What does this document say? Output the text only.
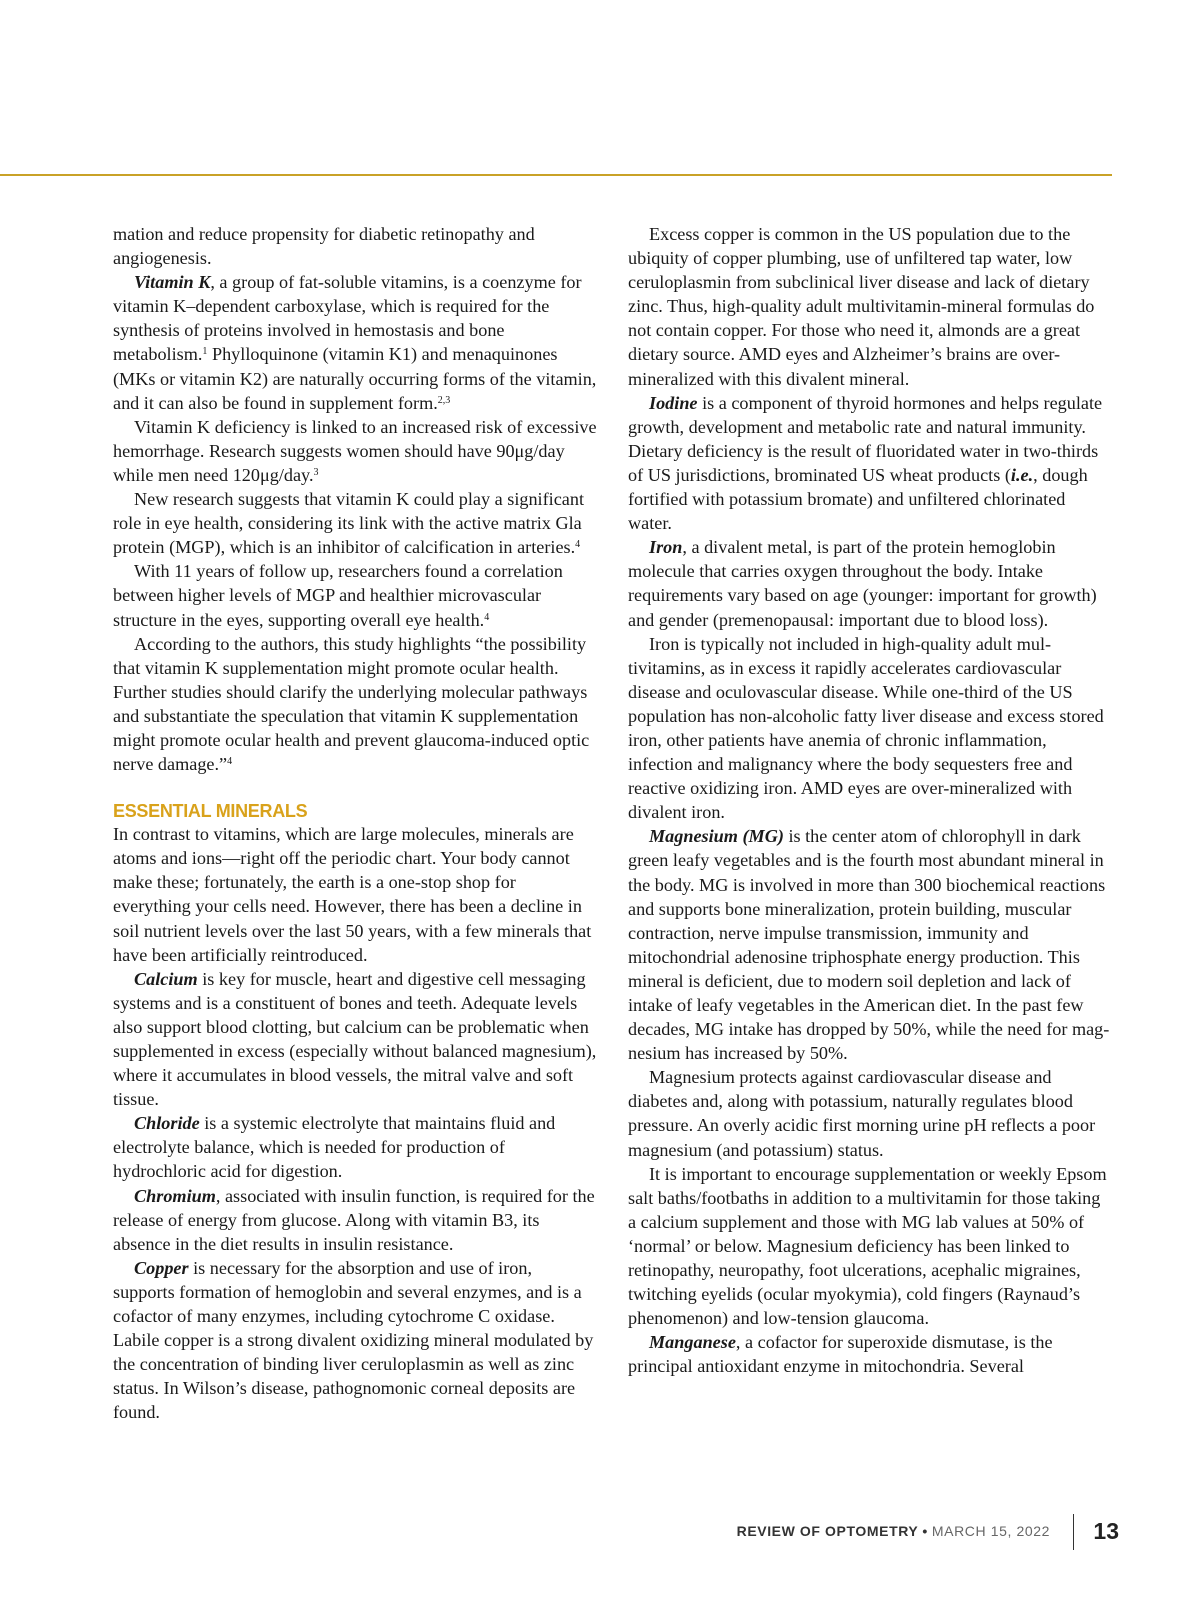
mation and reduce propensity for diabetic retinopathy and angiogenesis.

Vitamin K, a group of fat-soluble vitamins, is a coenzyme for vitamin K–dependent carboxylase, which is required for the synthesis of proteins involved in hemostasis and bone metabolism.$^1$ Phylloquinone (vitamin K1) and menaquinones (MKs or vitamin K2) are naturally occurring forms of the vitamin, and it can also be found in supplement form.$^{2,3}$

Vitamin K deficiency is linked to an increased risk of excessive hemorrhage. Research suggests women should have 90μg/day while men need 120μg/day.$^3$

New research suggests that vitamin K could play a significant role in eye health, considering its link with the active matrix Gla protein (MGP), which is an inhibitor of calcification in arteries.$^4$

With 11 years of follow up, researchers found a correlation between higher levels of MGP and healthier microvascular structure in the eyes, supporting overall eye health.$^4$

According to the authors, this study highlights “the possibility that vitamin K supplementation might promote ocular health. Further studies should clarify the underlying molecular pathways and substantiate the speculation that vitamin K supplementation might promote ocular health and prevent glaucoma-induced optic nerve damage.”$^4$

ESSENTIAL MINERALS

In contrast to vitamins, which are large molecules, minerals are atoms and ions—right off the periodic chart. Your body cannot make these; fortunately, the earth is a one-stop shop for everything your cells need. However, there has been a decline in soil nutrient levels over the last 50 years, with a few minerals that have been artificially reintroduced.

Calcium is key for muscle, heart and digestive cell messaging systems and is a constituent of bones and teeth. Adequate levels also support blood clotting, but calcium can be problematic when supplemented in excess (especially without balanced magnesium), where it accumulates in blood vessels, the mitral valve and soft tissue.

Chloride is a systemic electrolyte that maintains fluid and electrolyte balance, which is needed for production of hydrochloric acid for digestion.

Chromium, associated with insulin function, is required for the release of energy from glucose. Along with vitamin B3, its absence in the diet results in insulin resistance.

Copper is necessary for the absorption and use of iron, supports formation of hemoglobin and several enzymes, and is a cofactor of many enzymes, including cytochrome C oxidase. Labile copper is a strong divalent oxidizing mineral modulated by the concentration of binding liver ceruloplasmin as well as zinc status. In Wilson’s disease, pathognomonic corneal deposits are found.

Excess copper is common in the US population due to the ubiquity of copper plumbing, use of unfiltered tap water, low ceruloplasmin from subclinical liver disease and lack of dietary zinc. Thus, high-quality adult multivitamin-mineral formulas do not contain copper. For those who need it, almonds are a great dietary source. AMD eyes and Alzheimer’s brains are over-mineralized with this divalent mineral.

Iodine is a component of thyroid hormones and helps regulate growth, development and metabolic rate and natural immunity. Dietary deficiency is the result of fluoridated water in two-thirds of US jurisdictions, brominated US wheat products (i.e., dough fortified with potassium bromate) and unfiltered chlorinated water.

Iron, a divalent metal, is part of the protein hemoglobin molecule that carries oxygen throughout the body. Intake requirements vary based on age (younger: important for growth) and gender (premenopausal: important due to blood loss).

Iron is typically not included in high-quality adult multivitamins, as in excess it rapidly accelerates cardiovascular disease and oculovascular disease. While one-third of the US population has non-alcoholic fatty liver disease and excess stored iron, other patients have anemia of chronic inflammation, infection and malignancy where the body sequesters free and reactive oxidizing iron. AMD eyes are over-mineralized with divalent iron.

Magnesium (MG) is the center atom of chlorophyll in dark green leafy vegetables and is the fourth most abundant mineral in the body. MG is involved in more than 300 biochemical reactions and supports bone mineralization, protein building, muscular contraction, nerve impulse transmission, immunity and mitochondrial adenosine triphosphate energy production. This mineral is deficient, due to modern soil depletion and lack of intake of leafy vegetables in the American diet. In the past few decades, MG intake has dropped by 50%, while the need for magnesium has increased by 50%.

Magnesium protects against cardiovascular disease and diabetes and, along with potassium, naturally regulates blood pressure. An overly acidic first morning urine pH reflects a poor magnesium (and potassium) status.

It is important to encourage supplementation or weekly Epsom salt baths/footbaths in addition to a multivitamin for those taking a calcium supplement and those with MG lab values at 50% of ‘normal’ or below. Magnesium deficiency has been linked to retinopathy, neuropathy, foot ulcerations, acephalic migraines, twitching eyelids (ocular myokymia), cold fingers (Raynaud’s phenomenon) and low-tension glaucoma.

Manganese, a cofactor for superoxide dismutase, is the principal antioxidant enzyme in mitochondria. Several

REVIEW OF OPTOMETRY • MARCH 15, 2022 13
